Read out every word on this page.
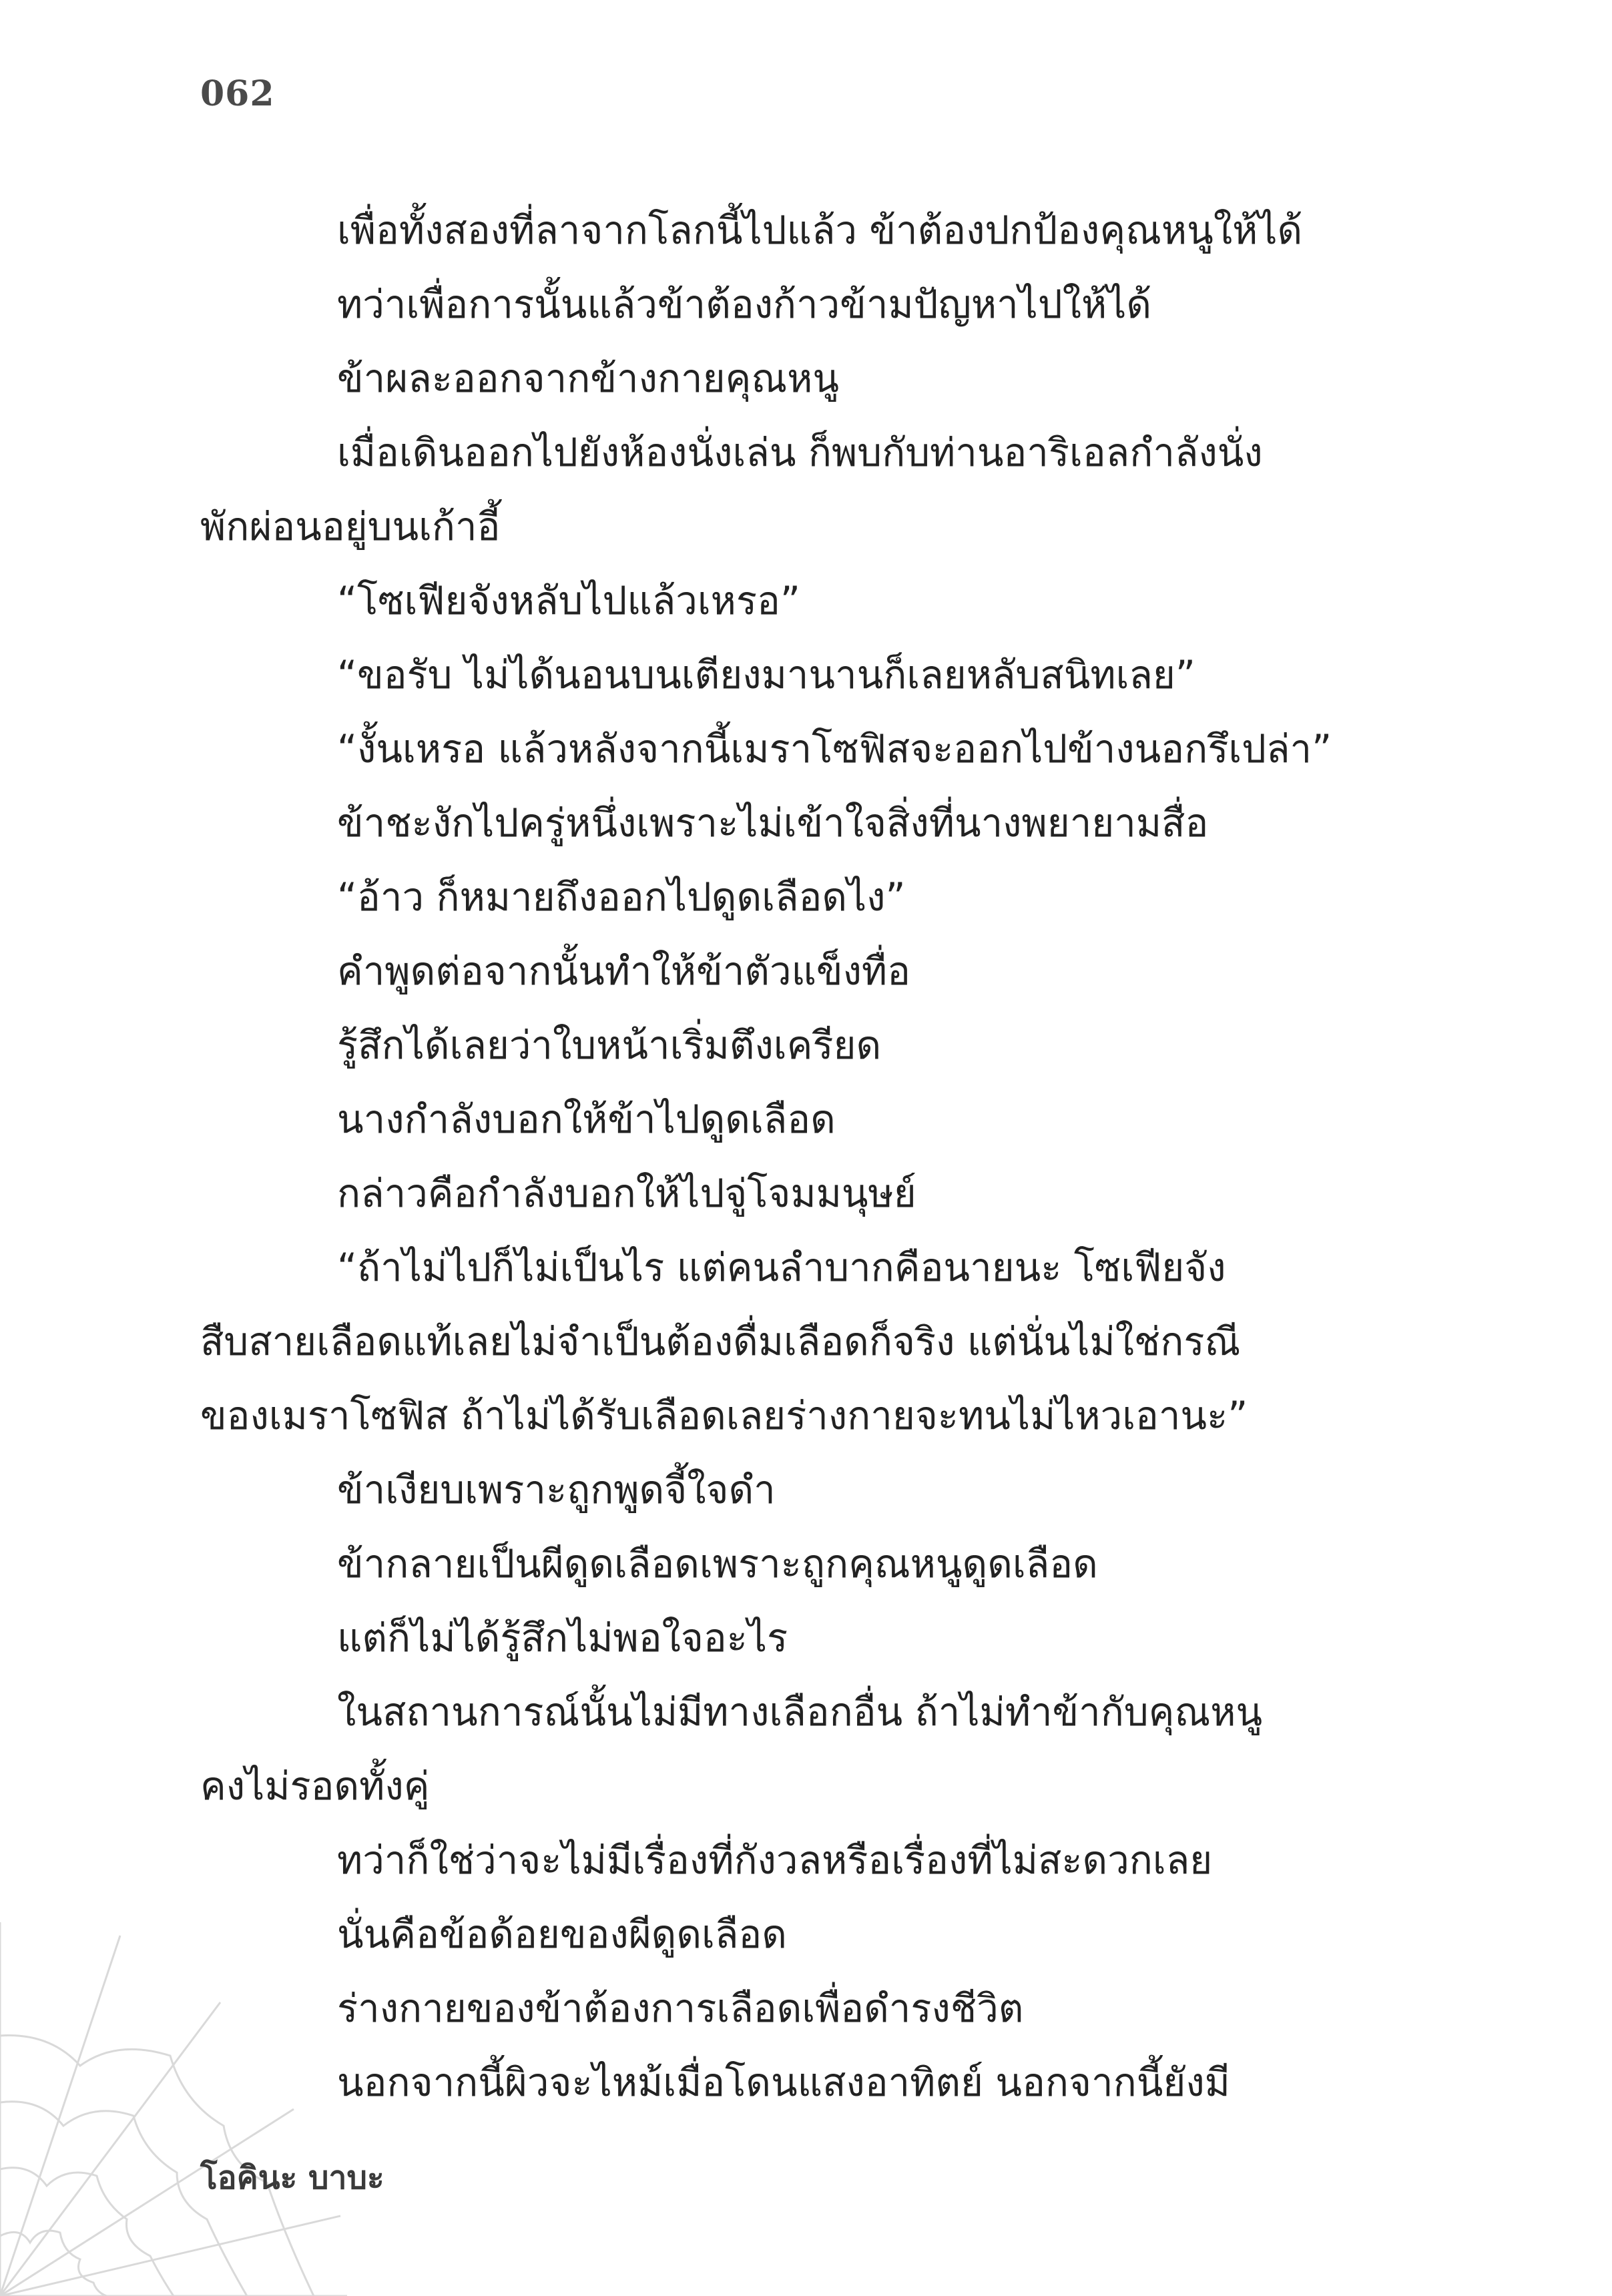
062
เพื่อทั้งสองที่ลาจากโลกนี้ไปแล้ว ข้าต้องปกป้องคุณหนูให้ได้
ทว่าเพื่อการนั้นแล้วข้าต้องก้าวข้ามปัญหาไปให้ได้
ข้าผละออกจากข้างกายคุณหนู
เมื่อเดินออกไปยังห้องนั่งเล่น ก็พบกับท่านอาริเอลกำลังนั่ง
พักผ่อนอยู่บนเก้าอี้
“โซเฟียจังหลับไปแล้วเหรอ”
“ขอรับ ไม่ได้นอนบนเตียงมานานก็เลยหลับสนิทเลย”
“งั้นเหรอ แล้วหลังจากนี้เมราโซฟิสจะออกไปข้างนอกรึเปล่า”
ข้าชะงักไปครู่หนึ่งเพราะไม่เข้าใจสิ่งที่นางพยายามสื่อ
“อ้าว ก็หมายถึงออกไปดูดเลือดไง”
คำพูดต่อจากนั้นทำให้ข้าตัวแข็งทื่อ
รู้สึกได้เลยว่าใบหน้าเริ่มตึงเครียด
นางกำลังบอกให้ข้าไปดูดเลือด
กล่าวคือกำลังบอกให้ไปจู่โจมมนุษย์
“ถ้าไม่ไปก็ไม่เป็นไร แต่คนลำบากคือนายนะ โซเฟียจัง
สืบสายเลือดแท้เลยไม่จำเป็นต้องดื่มเลือดก็จริง แต่นั่นไม่ใช่กรณี
ของเมราโซฟิส ถ้าไม่ได้รับเลือดเลยร่างกายจะทนไม่ไหวเอานะ”
ข้าเงียบเพราะถูกพูดจี้ใจดำ
ข้ากลายเป็นผีดูดเลือดเพราะถูกคุณหนูดูดเลือด
แต่ก็ไม่ได้รู้สึกไม่พอใจอะไร
ในสถานการณ์นั้นไม่มีทางเลือกอื่น ถ้าไม่ทำข้ากับคุณหนู
คงไม่รอดทั้งคู่
ทว่าก็ใช่ว่าจะไม่มีเรื่องที่กังวลหรือเรื่องที่ไม่สะดวกเลย
นั่นคือข้อด้อยของผีดูดเลือด
ร่างกายของข้าต้องการเลือดเพื่อดำรงชีวิต
นอกจากนี้ผิวจะไหม้เมื่อโดนแสงอาทิตย์ นอกจากนี้ยังมี
โอคินะ บาบะ
